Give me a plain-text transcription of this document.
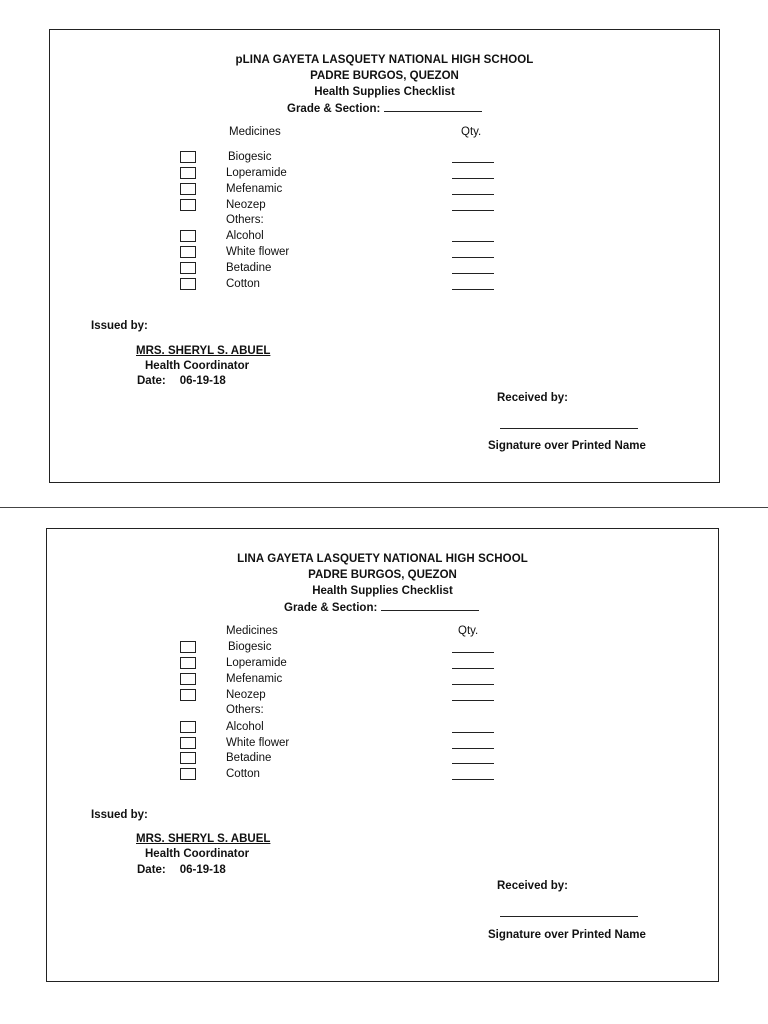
pLINA GAYETA LASQUETY NATIONAL HIGH SCHOOL
PADRE BURGOS, QUEZON
Health Supplies Checklist
Grade & Section:
Medicines	Qty.
Biogesic
Loperamide
Mefenamic
Neozep
Others:
Alcohol
White flower
Betadine
Cotton
Issued by:
MRS. SHERYL S. ABUEL
Health Coordinator
Date: 06-19-18
Received by:
Signature over Printed Name
LINA GAYETA LASQUETY NATIONAL HIGH SCHOOL
PADRE BURGOS, QUEZON
Health Supplies Checklist
Grade & Section:
Medicines	Qty.
Biogesic
Loperamide
Mefenamic
Neozep
Others:
Alcohol
White flower
Betadine
Cotton
Issued by:
MRS. SHERYL S. ABUEL
Health Coordinator
Date: 06-19-18
Received by:
Signature over Printed Name
